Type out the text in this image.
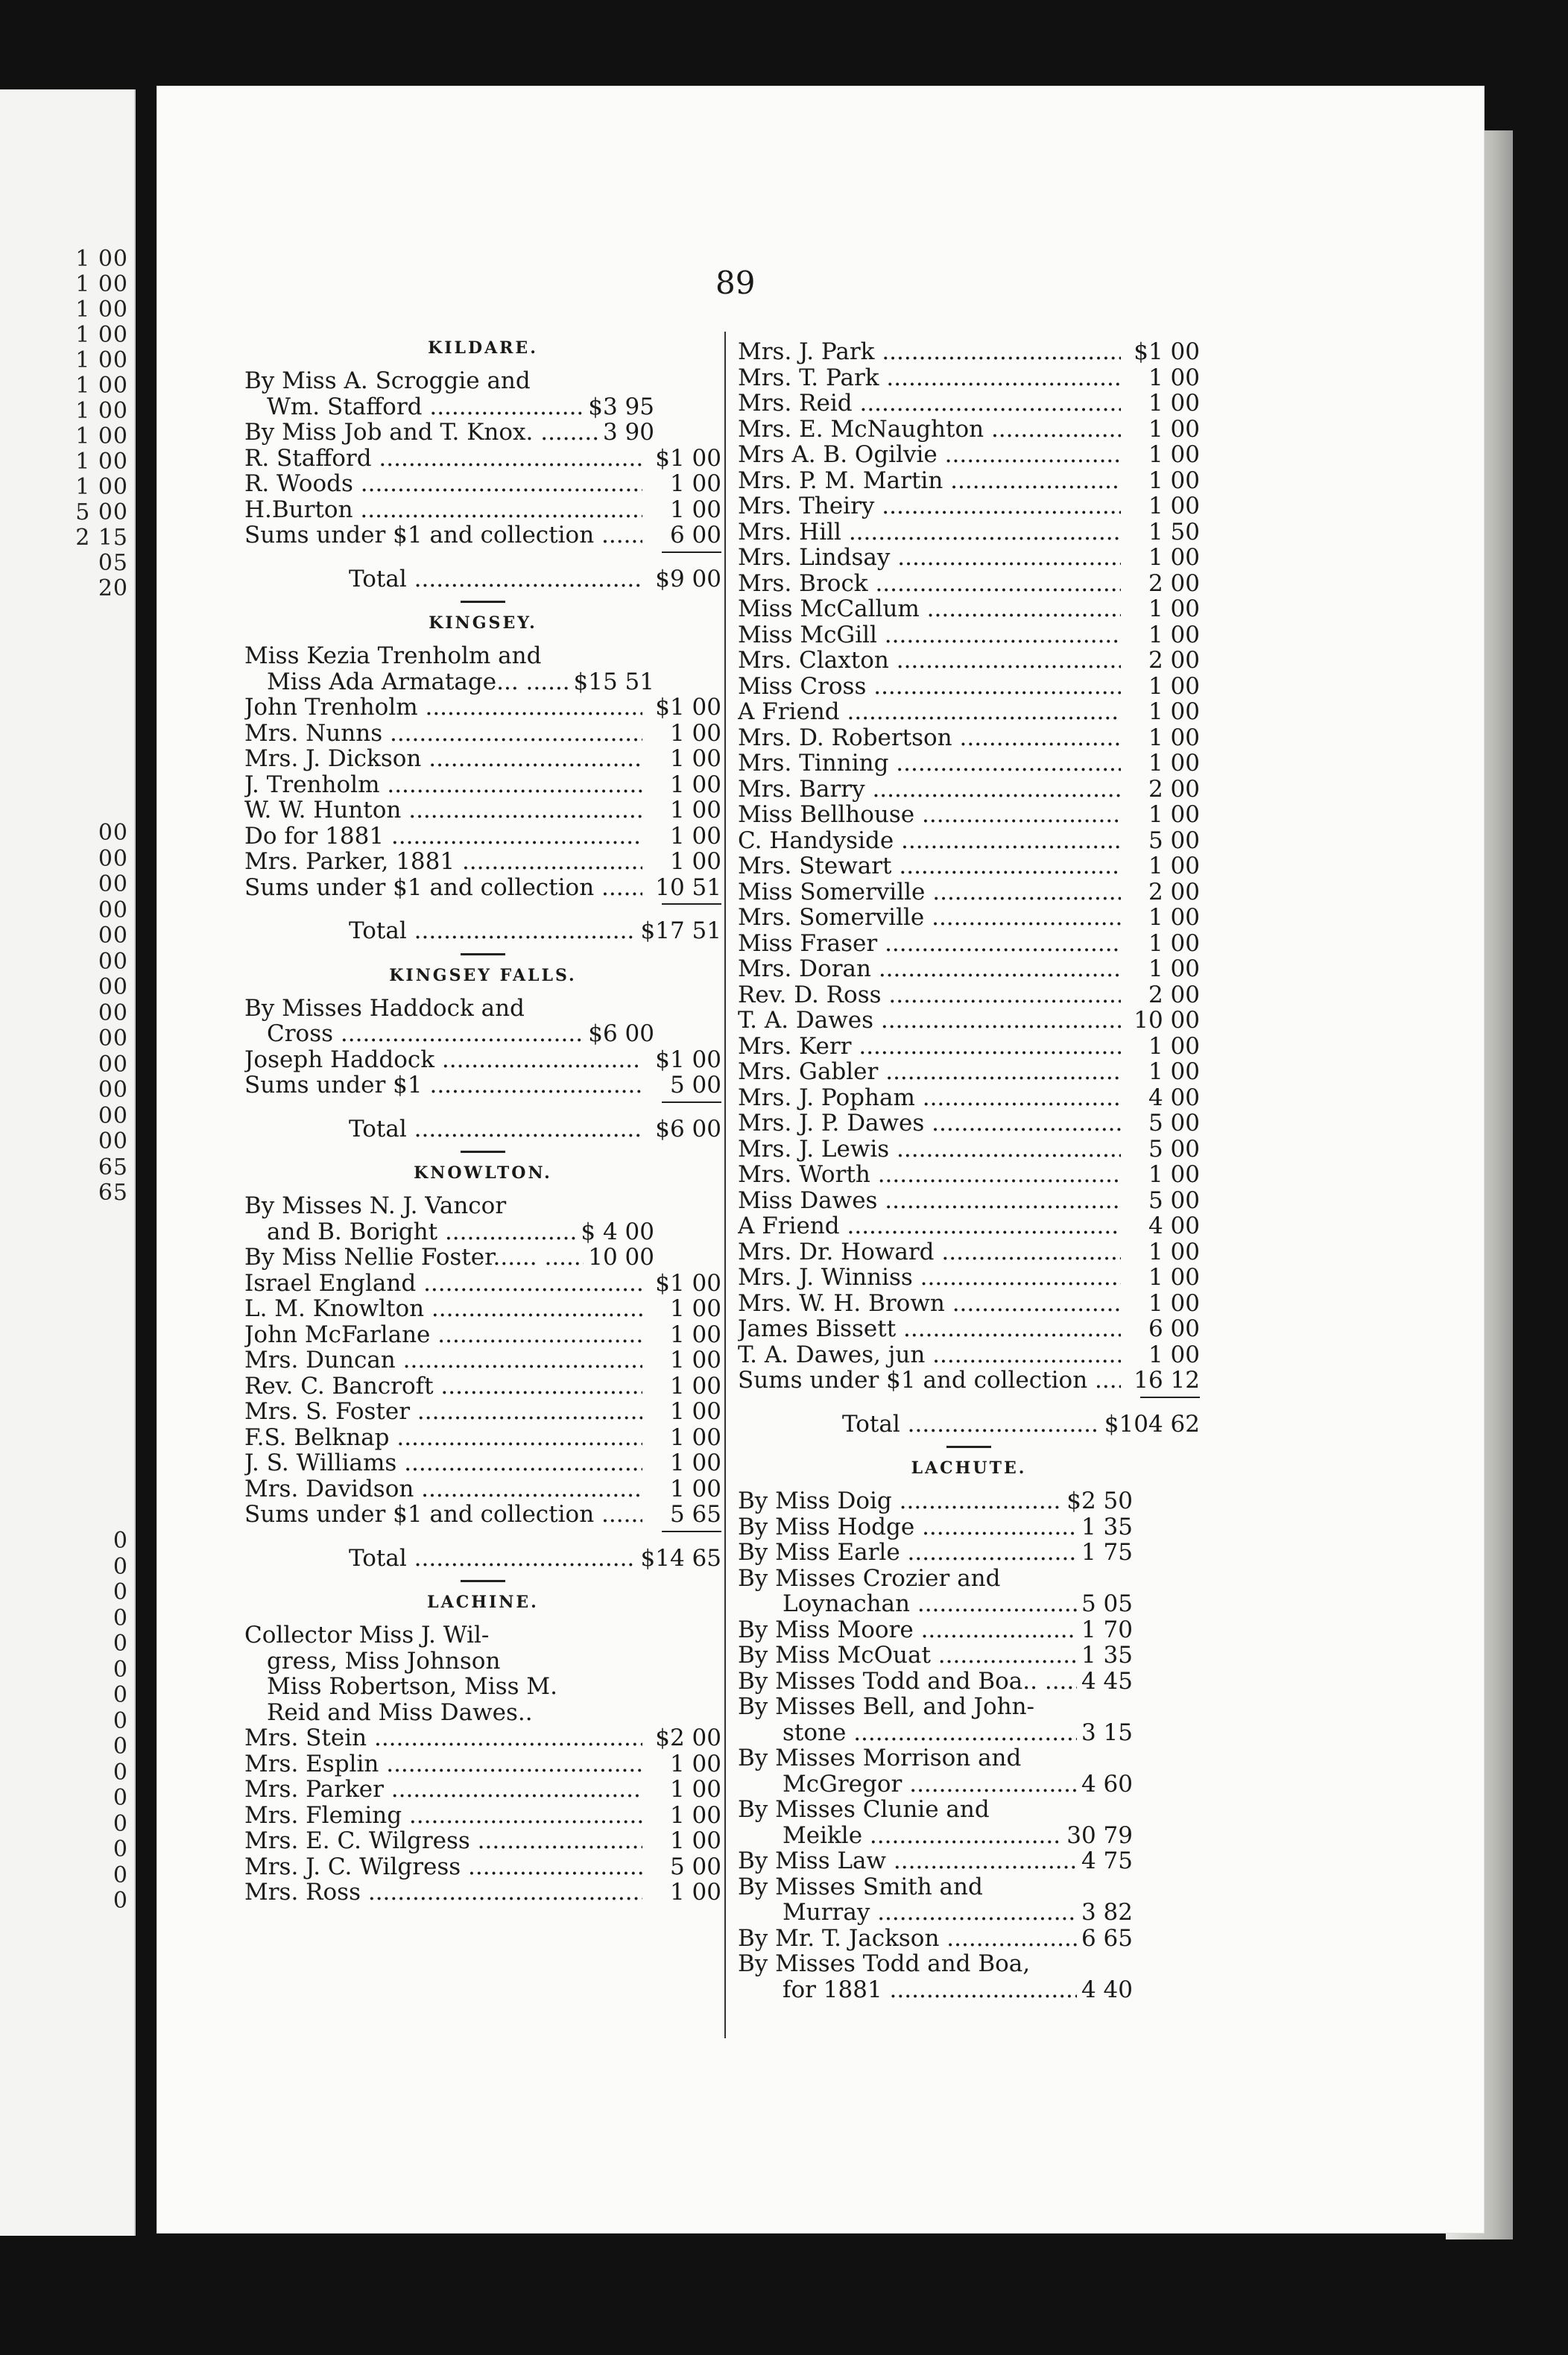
1 00
1 00
1 00
1 00
1 00
1 00
1 00
1 00
1 00
1 00
5 00
2 15
05
20
00
00
00
00
00
00
00
00
00
00
00
00
00
65
65
0
0
0
0
0
0
0
0
0
0
0
0
0
0
0
89
KILDARE.
By Miss A. Scroggie and
Wm. Stafford .....	$3 95
By Miss Job and T. Knox. .....	3 90
R. Stafford .....	$1 00
R. Woods .....	1 00
H.Burton .....	1 00
Sums under $1 and collection .....	6 00
Total .....	$9 00
KINGSEY.
Miss Kezia Trenholm and
Miss Ada Armatage... .....	$15 51
John Trenholm .....	$1 00
Mrs. Nunns .....	1 00
Mrs. J. Dickson .....	1 00
J. Trenholm .....	1 00
W. W. Hunton .....	1 00
Do for 1881 .....	1 00
Mrs. Parker, 1881 .....	1 00
Sums under $1 and collection .....	10 51
Total .....	$17 51
KINGSEY FALLS.
By Misses Haddock and
Cross .....	$6 00
Joseph Haddock .....	$1 00
Sums under $1 .....	5 00
Total .....	$6 00
KNOWLTON.
By Misses N. J. Vancor
and B. Boright .....	$ 4 00
By Miss Nellie Foster...... .....	10 00
Israel England .....	$1 00
L. M. Knowlton .....	1 00
John McFarlane .....	1 00
Mrs. Duncan .....	1 00
Rev. C. Bancroft .....	1 00
Mrs. S. Foster .....	1 00
F.S. Belknap .....	1 00
J. S. Williams .....	1 00
Mrs. Davidson .....	1 00
Sums under $1 and collection .....	5 65
Total .....	$14 65
LACHINE.
Collector Miss J. Wil-
gress, Miss Johnson
Miss Robertson, Miss M.
Reid and Miss Dawes..
Mrs. Stein .....	$2 00
Mrs. Esplin .....	1 00
Mrs. Parker .....	1 00
Mrs. Fleming .....	1 00
Mrs. E. C. Wilgress .....	1 00
Mrs. J. C. Wilgress .....	5 00
Mrs. Ross .....	1 00
Mrs. J. Park .....	$1 00
Mrs. T. Park .....	1 00
Mrs. Reid .....	1 00
Mrs. E. McNaughton .....	1 00
Mrs A. B. Ogilvie .....	1 00
Mrs. P. M. Martin .....	1 00
Mrs. Theiry .....	1 00
Mrs. Hill .....	1 50
Mrs. Lindsay .....	1 00
Mrs. Brock .....	2 00
Miss McCallum .....	1 00
Miss McGill .....	1 00
Mrs. Claxton .....	2 00
Miss Cross .....	1 00
A Friend .....	1 00
Mrs. D. Robertson .....	1 00
Mrs. Tinning .....	1 00
Mrs. Barry .....	2 00
Miss Bellhouse .....	1 00
C. Handyside .....	5 00
Mrs. Stewart .....	1 00
Miss Somerville .....	2 00
Mrs. Somerville .....	1 00
Miss Fraser .....	1 00
Mrs. Doran .....	1 00
Rev. D. Ross .....	2 00
T. A. Dawes .....	10 00
Mrs. Kerr .....	1 00
Mrs. Gabler .....	1 00
Mrs. J. Popham .....	4 00
Mrs. J. P. Dawes .....	5 00
Mrs. J. Lewis .....	5 00
Mrs. Worth .....	1 00
Miss Dawes .....	5 00
A Friend .....	4 00
Mrs. Dr. Howard .....	1 00
Mrs. J. Winniss .....	1 00
Mrs. W. H. Brown .....	1 00
James Bissett .....	6 00
T. A. Dawes, jun .....	1 00
Sums under $1 and collection .....	16 12
Total .....	$104 62
LACHUTE.
By Miss Doig .....	$2 50
By Miss Hodge .....	1 35
By Miss Earle .....	1 75
By Misses Crozier and
Loynachan .....	5 05
By Miss Moore .....	1 70
By Miss McOuat .....	1 35
By Misses Todd and Boa.. .....	4 45
By Misses Bell, and John-
stone .....	3 15
By Misses Morrison and
McGregor .....	4 60
By Misses Clunie and
Meikle .....	30 79
By Miss Law .....	4 75
By Misses Smith and
Murray .....	3 82
By Mr. T. Jackson .....	6 65
By Misses Todd and Boa,
for 1881 .....	4 40
